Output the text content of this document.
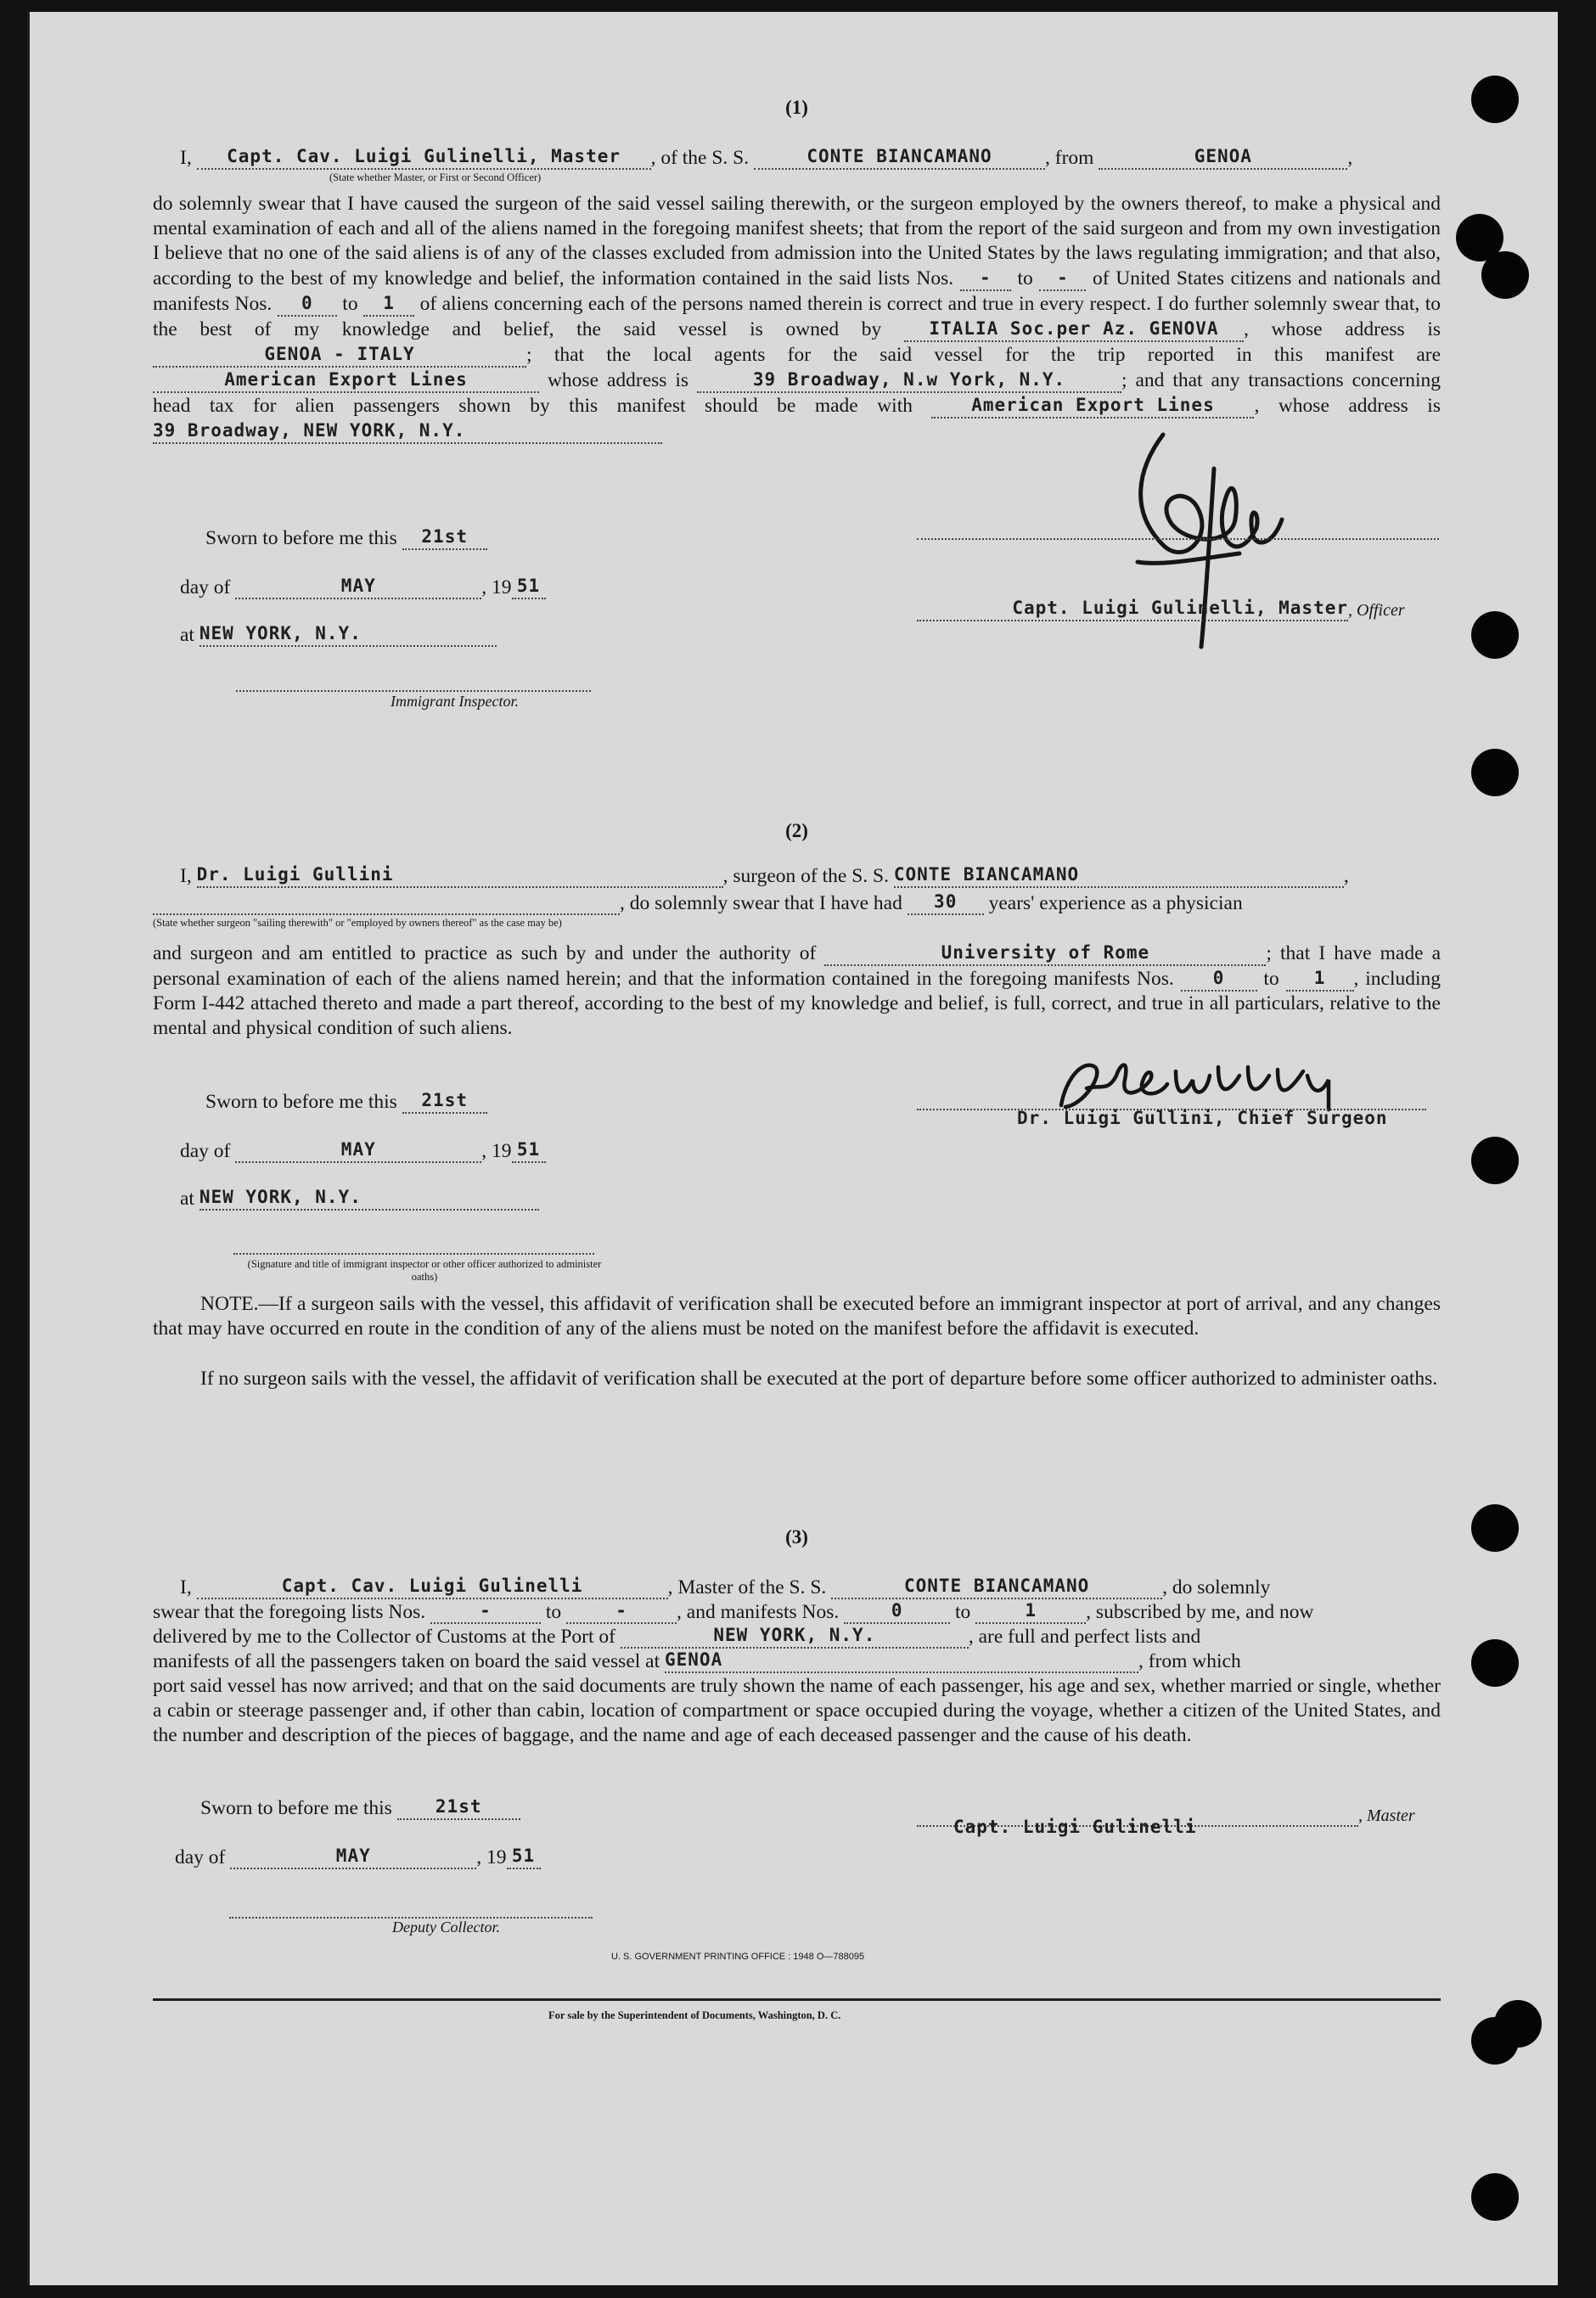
(1)
I, Capt. Cav. Luigi Gulinelli, Master , of the S. S.	CONTE BIANCAMANO	, from	GENOA	,
(State whether Master, or First or Second Officer)
do solemnly swear that I have caused the surgeon of the said vessel sailing therewith, or the surgeon employed by the owners thereof, to make a physical and mental examination of each and all of the aliens named in the foregoing manifest sheets; that from the report of the said surgeon and from my own investigation I believe that no one of the said aliens is of any of the classes excluded from admission into the United States by the laws regulating immigration; and that also, according to the best of my knowledge and belief, the information contained in the said lists Nos. - to - of United States citizens and nationals and manifests Nos. 0 to 1 of aliens concerning each of the persons named therein is correct and true in every respect. I do further solemnly swear that, to the best of my knowledge and belief, the said vessel is owned by	ITALIA Soc.per Az. GENOVA , whose address is GENOA - ITALY	; that the local agents for the said vessel for the trip reported in this manifest are American Export Lines	whose address is	39 Broadway, N.w York, N.Y.	; and that any transactions concerning head tax for alien passengers shown by this manifest should be made with	American Export Lines , whose address is 39 Broadway, NEW YORK, N.Y.
Sworn to before me this 21st
day of	MAY	, 19 51
at NEW YORK, N.Y.
Capt. Luigi Gulinelli, Master, Officer
Immigrant Inspector.
(2)
I, Dr. Luigi Gullini	, surgeon of the S. S. CONTE BIANCAMANO	,
, do solemnly swear that I have had 30 years' experience as a physician
(State whether surgeon "sailing therewith" or "employed by owners thereof" as the case may be)
and surgeon and am entitled to practice as such by and under the authority of	University of Rome	; that I have made a personal examination of each of the aliens named herein; and that the information contained in the foregoing manifests Nos. 0 to 1 , including Form I-442 attached thereto and made a part thereof, according to the best of my knowledge and belief, is full, correct, and true in all particulars, relative to the mental and physical condition of such aliens.
Sworn to before me this 21st
Dr. Luigi Gullini, Chief Surgeon
day of	MAY	, 19 51
at NEW YORK, N.Y.
(Signature and title of immigrant inspector or other officer authorized to administer oaths)
NOTE.—If a surgeon sails with the vessel, this affidavit of verification shall be executed before an immigrant inspector at port of arrival, and any changes that may have occurred en route in the condition of any of the aliens must be noted on the manifest before the affidavit is executed.
If no surgeon sails with the vessel, the affidavit of verification shall be executed at the port of departure before some officer authorized to administer oaths.
(3)
I,	Capt. Cav. Luigi Gulinelli	, Master of the S. S.	CONTE BIANCAMANO	, do solemnly
swear that the foregoing lists Nos.	-	to	- , and manifests Nos.	0	to	1 , subscribed by me, and now
delivered by me to the Collector of Customs at the Port of	NEW YORK, N.Y.	, are full and perfect lists and
manifests of all the passengers taken on board the said vessel at GENOA	, from which
port said vessel has now arrived; and that on the said documents are truly shown the name of each passenger, his age and sex, whether married or single, whether a cabin or steerage passenger and, if other than cabin, location of compartment or space occupied during the voyage, whether a citizen of the United States, and the number and description of the pieces of baggage, and the name and age of each deceased passenger and the cause of his death.
Sworn to before me this 21st	, Master
Capt. Luigi Gulinelli
day of	MAY	, 19 51
Deputy Collector.
U. S. GOVERNMENT PRINTING OFFICE : 1948 O—788095
For sale by the Superintendent of Documents, Washington, D. C.
